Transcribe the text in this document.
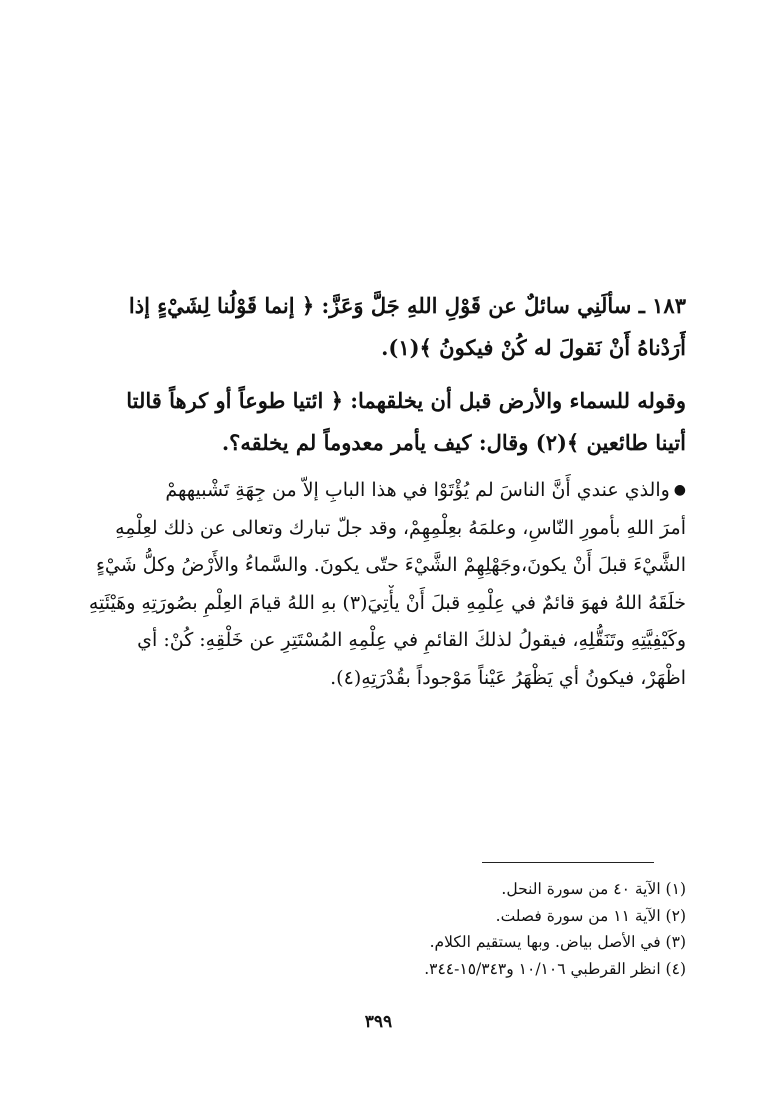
١٨٣ ـ سألَنِي سائلٌ عن قَوْلِ اللهِ جَلَّ وَعَزَّ: ﴿ إنما قَوْلُنا لِشَيْءٍ إذا
أَرَدْناهُ أَنْ نَقولَ له كُنْ فيكونُ ﴾(١).
وقوله للسماء والأرض قبل أن يخلقهما: ﴿ ائتيا طوعاً أو كرهاً قالتا
أتينا طائعين ﴾(٢) وقال: كيف يأمر معدوماً لم يخلقه؟.
●والذي عندي أَنَّ الناسَ لم يُؤْتَوْا في هذا البابِ إلاّ من جِهَةِ تَشْبيههمْ
أمرَ اللهِ بأمورِ النّاسِ، وعلمَهُ بعِلْمِهِمْ، وقد جلّ تبارك وتعالى عن ذلك لعِلْمِهِ
الشَّيْءَ قبلَ أَنْ يكونَ،وجَهْلِهِمْ الشَّيْءَ حتّى يكونَ. والسَّماءُ والأَرْضُ وكلُّ شَيْءٍ
خلَقَهُ اللهُ فهوَ قائمٌ في عِلْمِهِ قبلَ أَنْ يأْتِيَ(٣) بهِ اللهُ قيامَ العِلْمِ بصُورَتِهِ وهَيْئَتِهِ
وكَيْفِيَّتِهِ وتَنَقُّلِهِ، فيقولُ لذلكَ القائمِ في عِلْمِهِ المُسْتَتِرِ عن خَلْقِهِ: كُنْ: أي
اظْهَرْ، فيكونُ أي يَظْهَرُ عَيْناً مَوْجوداً بقُدْرَتِهِ(٤).
(١) الآية ٤٠ من سورة النحل.
(٢) الآية ١١ من سورة فصلت.
(٣) في الأصل بياض. وبها يستقيم الكلام.
(٤) انظر القرطبي ١٠/١٠٦ و١٥/٣٤٣-٣٤٤.
٣٩٩
